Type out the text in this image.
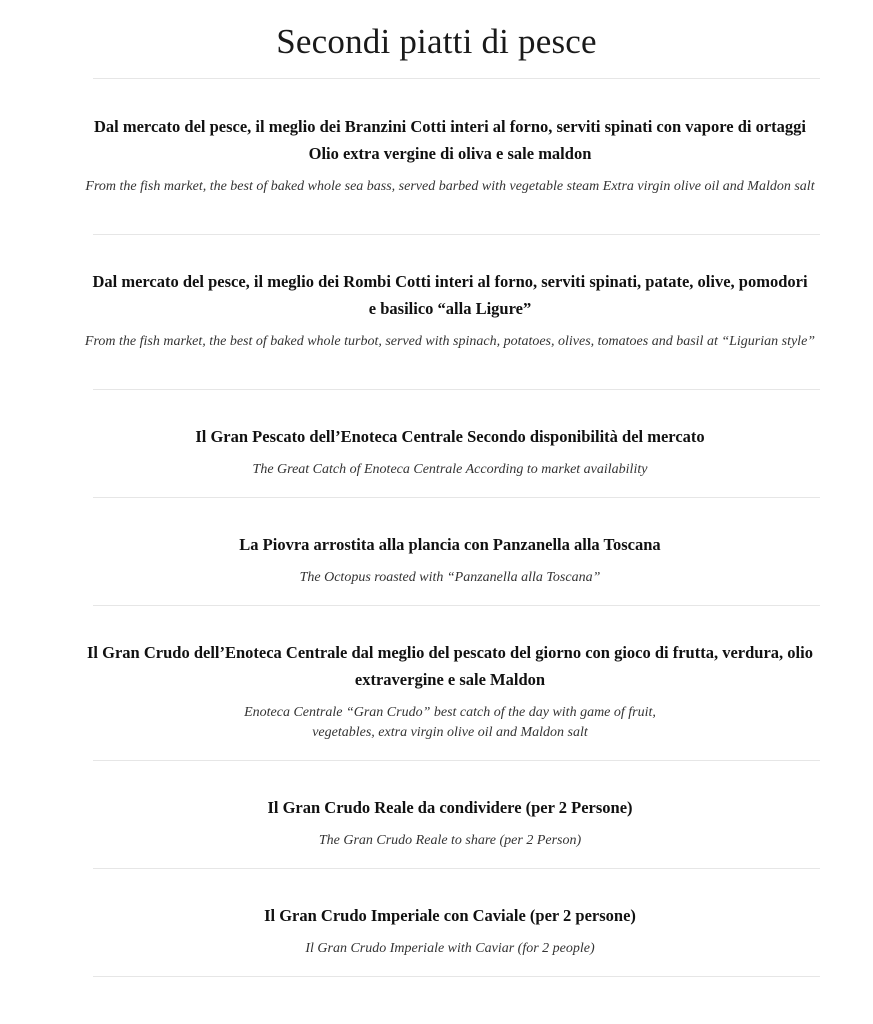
Secondi piatti di pesce
Dal mercato del pesce, il meglio dei Branzini Cotti interi al forno, serviti spinati con vapore di ortaggi Olio extra vergine di oliva e sale maldon
From the fish market, the best of baked whole sea bass, served barbed with vegetable steam Extra virgin olive oil and Maldon salt
Dal mercato del pesce, il meglio dei Rombi Cotti interi al forno, serviti spinati, patate, olive, pomodori e basilico “alla Ligure”
From the fish market, the best of baked whole turbot, served with spinach, potatoes, olives, tomatoes and basil at “Ligurian style”
Il Gran Pescato dell’Enoteca Centrale Secondo disponibilità del mercato
The Great Catch of Enoteca Centrale According to market availability
La Piovra arrostita alla plancia con Panzanella alla Toscana
The Octopus roasted with “Panzanella alla Toscana”
Il Gran Crudo dell’Enoteca Centrale dal meglio del pescato del giorno con gioco di frutta, verdura, olio extravergine e sale Maldon
Enoteca Centrale “Gran Crudo” best catch of the day with game of fruit, vegetables, extra virgin olive oil and Maldon salt
Il Gran Crudo Reale da condividere (per 2 Persone)
The Gran Crudo Reale to share (per 2 Person)
Il Gran Crudo Imperiale con Caviale (per 2 persone)
Il Gran Crudo Imperiale with Caviar (for 2 people)
